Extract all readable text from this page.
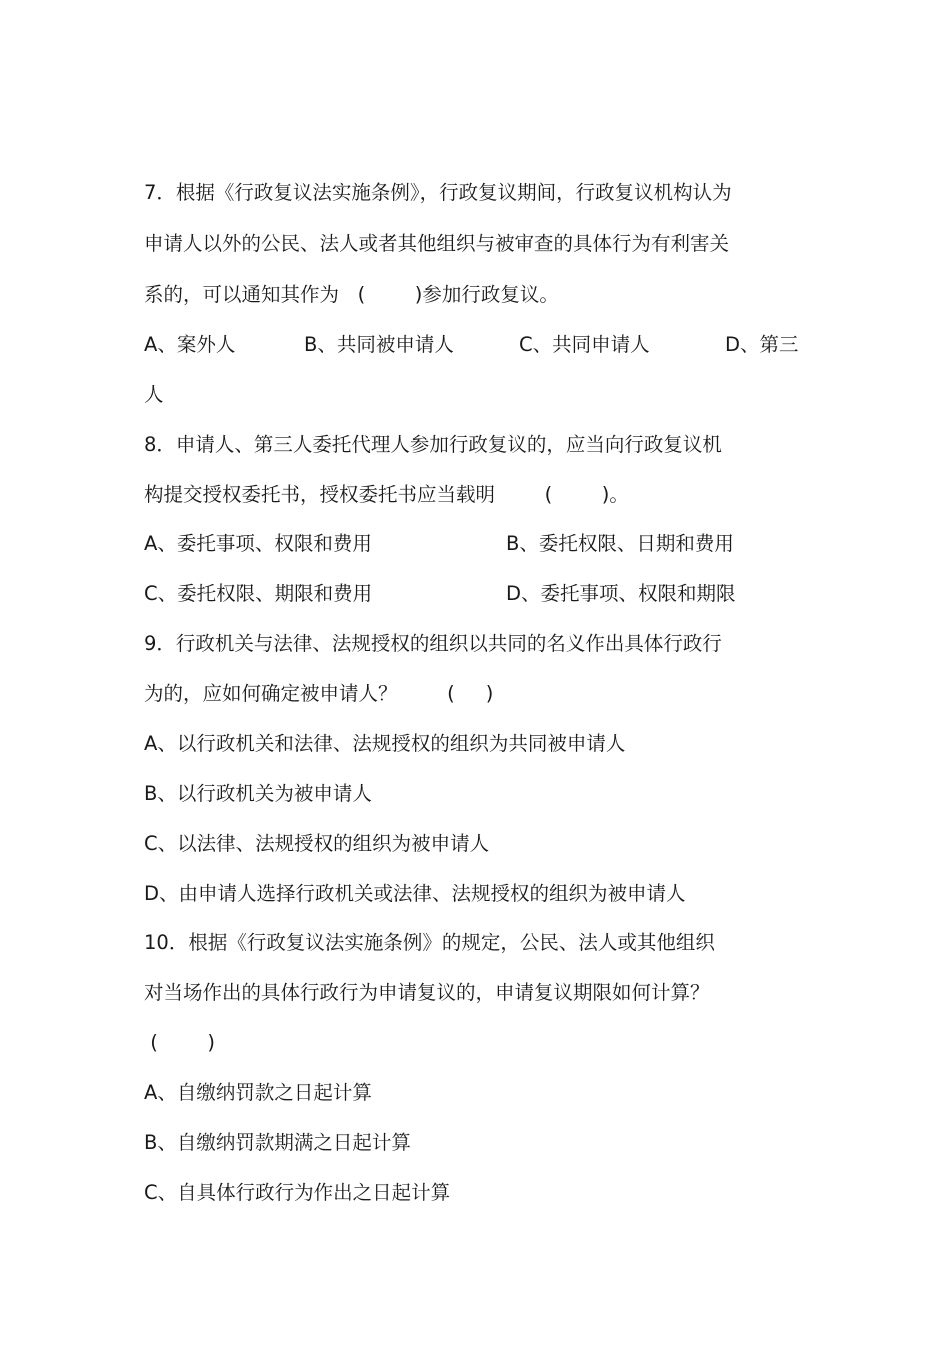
7．根据《行政复议法实施条例》，行政复议期间，行政复议机构认为

申请人以外的公民、法人或者其他组织与被审查的具体行为有利害关

系的，可以通知其作为   (        )参加行政复议。

A、案外人	B、共同被申请人	C、共同申请人	D、第三

人

8．申请人、第三人委托代理人参加行政复议的，应当向行政复议机

构提交授权委托书，授权委托书应当载明        (        )。

A、委托事项、权限和费用	B、委托权限、日期和费用
C、委托权限、期限和费用	D、委托事项、权限和期限

9．行政机关与法律、法规授权的组织以共同的名义作出具体行政行

为的，应如何确定被申请人？        (     )

A、以行政机关和法律、法规授权的组织为共同被申请人

B、以行政机关为被申请人

C、以法律、法规授权的组织为被申请人

D、由申请人选择行政机关或法律、法规授权的组织为被申请人

10．根据《行政复议法实施条例》的规定，公民、法人或其他组织

对当场作出的具体行政行为申请复议的，申请复议期限如何计算？

(        )

A、自缴纳罚款之日起计算

B、自缴纳罚款期满之日起计算

C、自具体行政行为作出之日起计算
